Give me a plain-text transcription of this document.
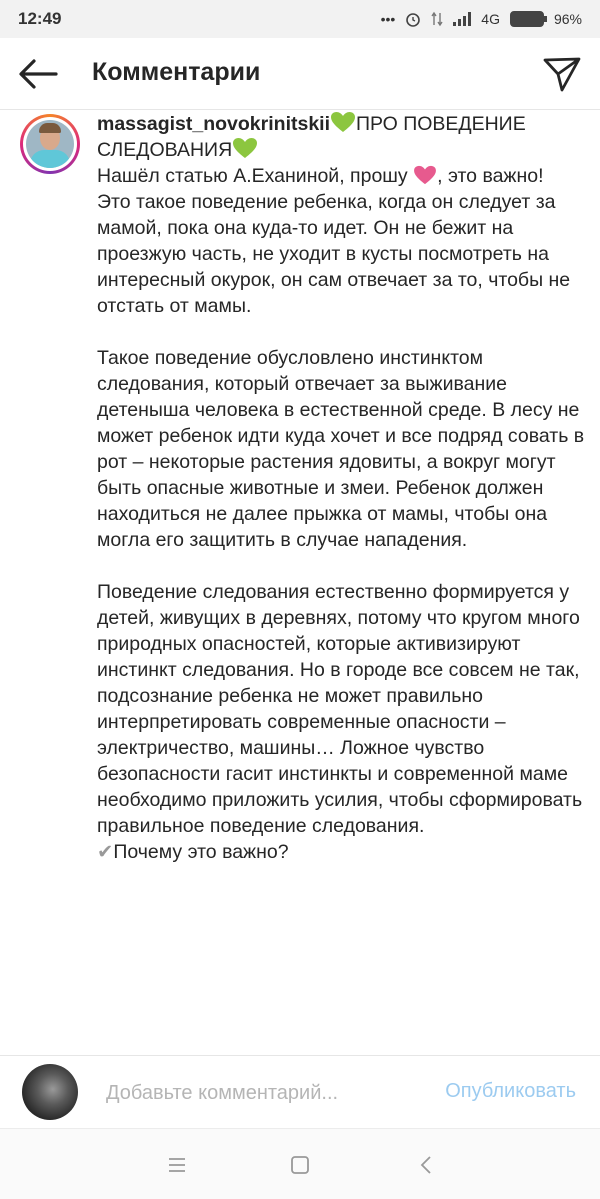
12:49	•••	4G	96%
Комментарии

massagist_novokrinitskii ПРО ПОВЕДЕНИЕ СЛЕДОВАНИЯ

Нашёл статью А.Еханиной, прошу , это важно!

Это такое поведение ребенка, когда он следует за мамой, пока она куда-то идет. Он не бежит на проезжую часть, не уходит в кусты посмотреть на интересный окурок, он сам отвечает за то, чтобы не отстать от мамы.

Такое поведение обусловлено инстинктом следования, который отвечает за выживание детеныша человека в естественной среде. В лесу не может ребенок идти куда хочет и все подряд совать в рот – некоторые растения ядовиты, а вокруг могут быть опасные животные и змеи. Ребенок должен находиться не далее прыжка от мамы, чтобы она могла его защитить в случае нападения.

Поведение следования естественно формируется у детей, живущих в деревнях, потому что кругом много природных опасностей, которые активизируют инстинкт следования. Но в городе все совсем не так, подсознание ребенка не может правильно интерпретировать современные опасности – электричество, машины… Ложное чувство безопасности гасит инстинкты и современной маме необходимо приложить усилия, чтобы сформировать правильное поведение следования.

✔Почему это важно?

Добавьте комментарий...
Опубликовать
